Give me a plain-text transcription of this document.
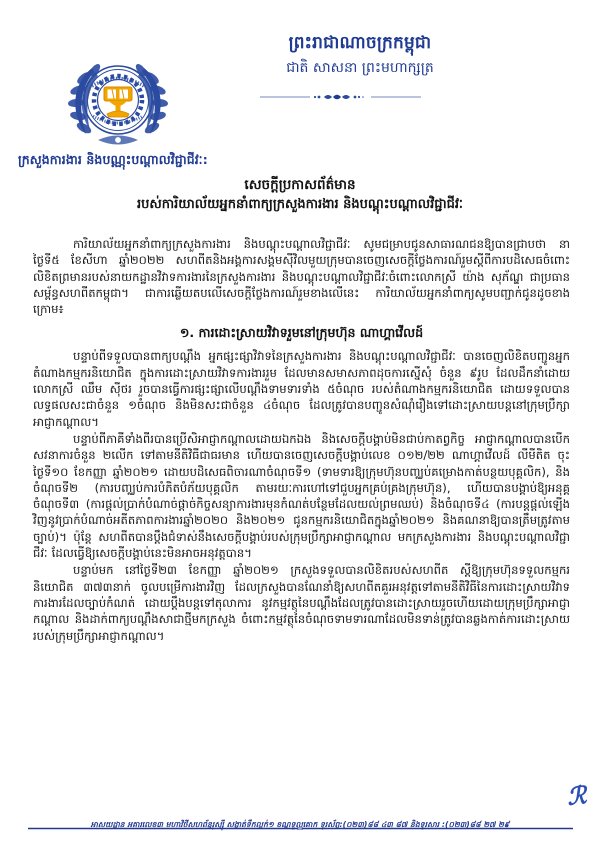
ព្រះរាជាណាចក្រកម្ពុជា
ជាតិ សាសនា ព្រះមហាក្សត្រ
ក្រសួងការងារ និងបណ្ណុះបណ្តាលវិជ្ជាជីវៈ:
សេចក្ដីប្រកាសព័ត៌មាន
របស់ការិយាល័យអ្នកនាំពាក្យក្រសួងការងារ និងបណ្ដុះបណ្ដាលវិជ្ជាជីវៈ

ការិយាល័យអ្នកនាំពាក្យក្រសួងការងារ និងបណ្ដុះបណ្ដាលវិជ្ជាជីវៈ សូមជម្រាបជូនសាធារណជនឱ្យបានជ្រាបថា នាថ្ងៃទី៥ ខែសីហា ឆ្នាំ២០២២ សហពីតនិងអង្គការសង្គមស៊ីវិលមួយក្រុមបានចេញសេចក្ដីថ្លែងការណ៍រួមស្ដីពីការបដិសេធចំពោះលិខិតព្រមានរបស់នាយកដ្ឋានវិវាទការងារនៃក្រសួងការងារ និងបណ្ដុះបណ្ដាលវិជ្ជាជីវៈចំពោះលោកស្រី យ៉ាង សុភ័ណ្ឌ ជាប្រធានសម្ព័ន្ធសហពីតកម្ពុជា។ ជាការឆ្លើយតបលើសេចក្ដីថ្លែងការណ៍រួមខាងលើនេះ ការិយាល័យអ្នកនាំពាក្យសូមបញ្ជាក់ជូនដូចខាងក្រោម៖

១. ការដោះស្រាយវិវាទរួមនៅក្រុមហ៊ុន ណាហ្គាវើលដ៍

បន្ទាប់ពីទទួលបានពាក្យបណ្ដឹង អ្នកផ្សះផ្សាវិវាទនៃក្រសួងការងារ និងបណ្ដុះបណ្ដាលវិជ្ជាជីវៈ បានចេញលិខិតបញ្ជូនអ្នកតំណាងកម្មករនិយោជិត ក្នុងការដោះស្រាយវិវាទការងាររួម ដែលមានសមាសភាពដុចការស្នើសុំ ចំនួន ៩រូប ដែលដឹកនាំដោយលោកស្រី ឈឹម ស៊ីថរ រួចបានធ្វើការផ្សះផ្សាលើបណ្ដឹងទាមទារទាំង ៥ចំណុច របស់តំណាងកម្មករនិយោជិត ដោយទទួលបានលទ្ធផលសះជាចំនួន ១ចំណុច និងមិនសះជាចំនួន ៤ចំណុច ដែលត្រូវបានបញ្ជូនសំណុំរឿងទៅដោះស្រាយបន្តនៅក្រុមប្រឹក្សាអាជ្ញាកណ្ដាល។

បន្ទាប់ពីភាគីទាំងពីរបានប្រើសិអាជ្ញាកណ្ដាលដោយឯកឯង និងសេចក្ដីបង្គាប់មិនជាប់កាតព្វកិច្ច អាជ្ញាកណ្ដាលបានបើកសវនាការចំនួន ២លើក ទៅតាមនីតិវិធីជាធរមាន ហើយបានចេញសេចក្ដីបង្គាប់លេខ ០១២/២២ ណាហ្គាវើលដ៍ លីមីតិត ចុះថ្ងៃទី១០ ខែកញ្ញា ឆ្នាំ២០២១ ដោយបដិសេធពិចារណាចំណុចទី១ (ទាមទារឱ្យក្រុមហ៊ុនបញ្ឈប់គម្រោងកាត់បន្ថយបុគ្គលិក), និងចំណុចទី២ (ការបញ្ឈប់ការបំភិតបំភ័យបុគ្គលិក តាមរយៈការហៅទៅជួបអ្នកគ្រប់គ្រងក្រុមហ៊ុន), ហើយបានបង្គាប់ឱ្យអនុគ្គចំណុចទី៣ (ការផ្ដល់ប្រាក់បំណាច់ផ្ដាច់កិច្ចសន្យាការងារមុនកំណត់បន្ថែមដែលយល់ព្រមឈប់) និងចំណុចទី៤ (ការបន្តផ្ដល់ឡើងវិញនូវប្រាក់បំណាច់អតីតភាពការងារឆ្នាំ២០២០ និង២០២១ ជូនកម្មករនិយោជិតក្នុងឆ្នាំ២០២១ និងគណនាឱ្យបានត្រឹមត្រូវតាមច្បាប់)។ ប៉ុន្ដែ សហពីតបានប្ដឹងជំទាស់នឹងសេចក្ដីបង្គាប់របស់ក្រុមប្រឹក្សាអាជ្ញាកណ្ដាល មកក្រសួងការងារ និងបណ្ដុះបណ្ដាលវិជ្ជាជីវៈ ដែលធ្វើឱ្យសេចក្ដីបង្គាប់នេះមិនអាចអនុវត្តបាន។

បន្ទាប់មក នៅថ្ងៃទី២៣ ខែកញ្ញា ឆ្នាំ២០២១ ក្រសួងទទួលបានលិខិតរបស់សហពីត ស្ដីឱ្យក្រុមហ៊ុនទទួលកម្មករនិយោជិត ៣៧៣នាក់ ចូលបម្រើការងារវិញ ដែលក្រសួងបានណែនាំឱ្យសហពីតគួរអនុវត្តទៅតាមនីតិវិធីនៃការដោះស្រាយវិវាទការងារដែលច្បាប់កំណត់ ដោយប្ដឹងបន្តទៅតុលាការ នូវកម្មវត្ថុនៃបណ្ដឹងដែលត្រូវបានដោះស្រាយរួចហើយដោយក្រុមប្រឹក្សាអាជ្ញាកណ្ដាល និងដាក់ពាក្យបណ្ដឹងសាជាថ្មីមកក្រសួង ចំពោះកម្មវត្ថុនៃចំណុចទាមទារណាដែលមិនទាន់ត្រូវបានឆ្លងកាត់ការដោះស្រាយរបស់ក្រុមប្រឹក្សាអាជ្ញាកណ្ដាល។

ℛ
អាសយដ្ឋាន អគារលេខ៣ មហាវិថីសហព័ន្ធរុស្ស៊ី សង្កាត់ទឹកល្អក់១ ខណ្ឌទួលគោក ទូរស័ព្ទ:(០២៣)៨៨ ៤៣ ៨៧ និងទូរសារ :(០២៣)៨៨ ២៧ ២៩
